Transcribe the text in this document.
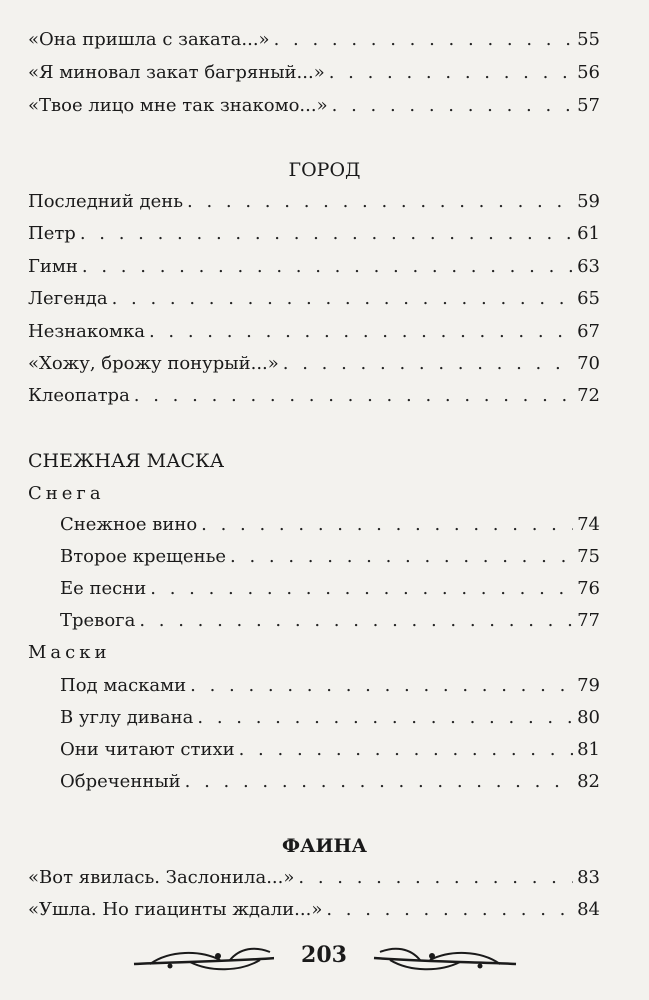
«Она пришла с заката...» . . .	55
«Я миновал закат багряный...» . . .	56
«Твое лицо мне так знакомо...» . . .	57
ГОРОД
Последний день . . .	59
Петр . . .	61
Гимн . . .	63
Легенда . . .	65
Незнакомка . . .	67
«Хожу, брожу понурый...» . . .	70
Клеопатра . . .	72
СНЕЖНАЯ МАСКА
Снега
Снежное вино . . .	74
Второе крещенье . . .	75
Ее песни . . .	76
Тревога . . .	77
Маски
Под масками . . .	79
В углу дивана . . .	80
Они читают стихи . . .	81
Обреченный . . .	82
ФАИНА
«Вот явилась. Заслонила...» . . .	83
«Ушла. Но гиацинты ждали...» . . .	84
203
